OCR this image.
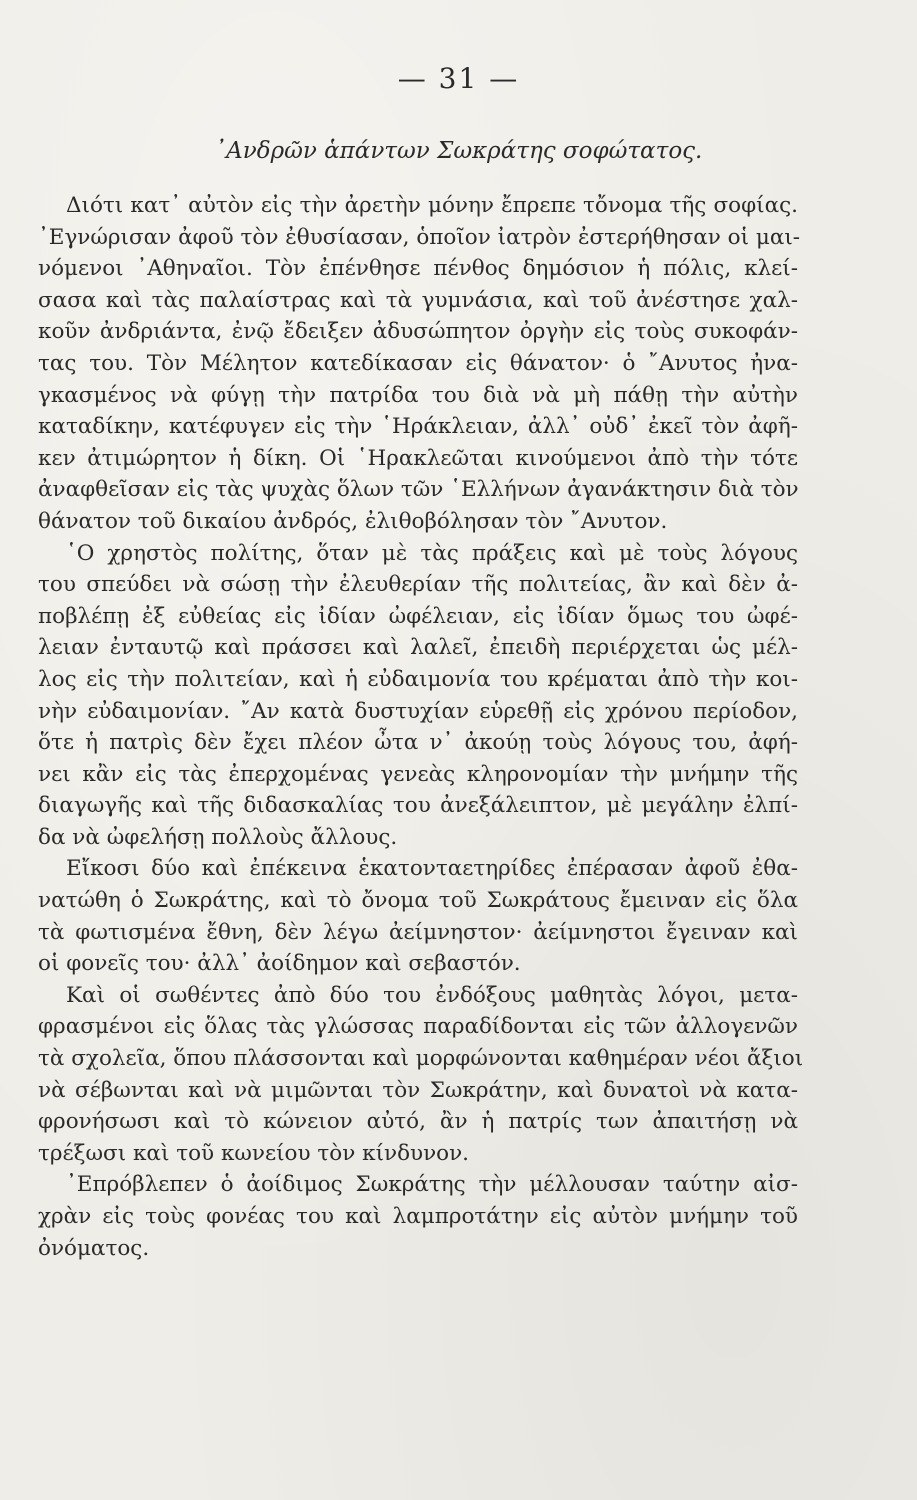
— 31 —
᾿Ανδρῶν ἁπάντων Σωκράτης σοφώτατος.
Διότι κατ᾿ αὐτὸν εἰς τὴν ἀρετὴν μόνην ἔπρεπε τὄνομα τῆς σοφίας.
᾿Εγνώρισαν ἀφοῦ τὸν ἐθυσίασαν, ὁποῖον ἰατρὸν ἐστερήθησαν οἱ μαι-
νόμενοι ᾿Αθηναῖοι. Τὸν ἐπένθησε πένθος δημόσιον ἡ πόλις, κλεί-
σασα καὶ τὰς παλαίστρας καὶ τὰ γυμνάσια, καὶ τοῦ ἀνέστησε χαλ-
κοῦν ἀνδριάντα, ἐνῷ ἔδειξεν ἀδυσώπητον ὀργὴν εἰς τοὺς συκοφάν-
τας του. Τὸν Μέλητον κατεδίκασαν εἰς θάνατον· ὁ ῎Ανυτος ἠνα-
γκασμένος νὰ φύγῃ τὴν πατρίδα του διὰ νὰ μὴ πάθῃ τὴν αὐτὴν
καταδίκην, κατέφυγεν εἰς τὴν ῾Ηράκλειαν, ἀλλ᾿ οὐδ᾿ ἐκεῖ τὸν ἀφῆ-
κεν ἀτιμώρητον ἡ δίκη. Οἱ ῾Ηρακλεῶται κινούμενοι ἀπὸ τὴν τότε
ἀναφθεῖσαν εἰς τὰς ψυχὰς ὅλων τῶν ῾Ελλήνων ἀγανάκτησιν διὰ τὸν
θάνατον τοῦ δικαίου ἀνδρός, ἐλιθοβόλησαν τὸν ῎Ανυτον.
῾Ο χρηστὸς πολίτης, ὅταν μὲ τὰς πράξεις καὶ μὲ τοὺς λόγους
του σπεύδει νὰ σώσῃ τὴν ἐλευθερίαν τῆς πολιτείας, ἂν καὶ δὲν ἀ-
ποβλέπῃ ἐξ εὐθείας εἰς ἰδίαν ὠφέλειαν, εἰς ἰδίαν ὅμως του ὠφέ-
λειαν ἐνταυτῷ καὶ πράσσει καὶ λαλεῖ, ἐπειδὴ περιέρχεται ὡς μέλ-
λος εἰς τὴν πολιτείαν, καὶ ἡ εὐδαιμονία του κρέμαται ἀπὸ τὴν κοι-
νὴν εὐδαιμονίαν. ῎Αν κατὰ δυστυχίαν εὑρεθῇ εἰς χρόνου περίοδον,
ὅτε ἡ πατρὶς δὲν ἔχει πλέον ὦτα ν᾿ ἀκούῃ τοὺς λόγους του, ἀφή-
νει κἂν εἰς τὰς ἐπερχομένας γενεὰς κληρονομίαν τὴν μνήμην τῆς
διαγωγῆς καὶ τῆς διδασκαλίας του ἀνεξάλειπτον, μὲ μεγάλην ἐλπί-
δα νὰ ὠφελήσῃ πολλοὺς ἄλλους.
Εἴκοσι δύο καὶ ἐπέκεινα ἑκατονταετηρίδες ἐπέρασαν ἀφοῦ ἐθα-
νατώθη ὁ Σωκράτης, καὶ τὸ ὄνομα τοῦ Σωκράτους ἔμειναν εἰς ὅλα
τὰ φωτισμένα ἔθνη, δὲν λέγω ἀείμνηστον· ἀείμνηστοι ἔγειναν καὶ
οἱ φονεῖς του· ἀλλ᾿ ἀοίδημον καὶ σεβαστόν.
Καὶ οἱ σωθέντες ἀπὸ δύο του ἐνδόξους μαθητὰς λόγοι, μετα-
φρασμένοι εἰς ὅλας τὰς γλώσσας παραδίδονται εἰς τῶν ἀλλογενῶν
τὰ σχολεῖα, ὅπου πλάσσονται καὶ μορφώνονται καθημέραν νέοι ἄξιοι
νὰ σέβωνται καὶ νὰ μιμῶνται τὸν Σωκράτην, καὶ δυνατοὶ νὰ κατα-
φρονήσωσι καὶ τὸ κώνειον αὐτό, ἂν ἡ πατρίς των ἀπαιτήσῃ νὰ
τρέξωσι καὶ τοῦ κωνείου τὸν κίνδυνον.
᾿Επρόβλεπεν ὁ ἀοίδιμος Σωκράτης τὴν μέλλουσαν ταύτην αἰσ-
χρὰν εἰς τοὺς φονέας του καὶ λαμπροτάτην εἰς αὐτὸν μνήμην τοῦ
ὀνόματος.
